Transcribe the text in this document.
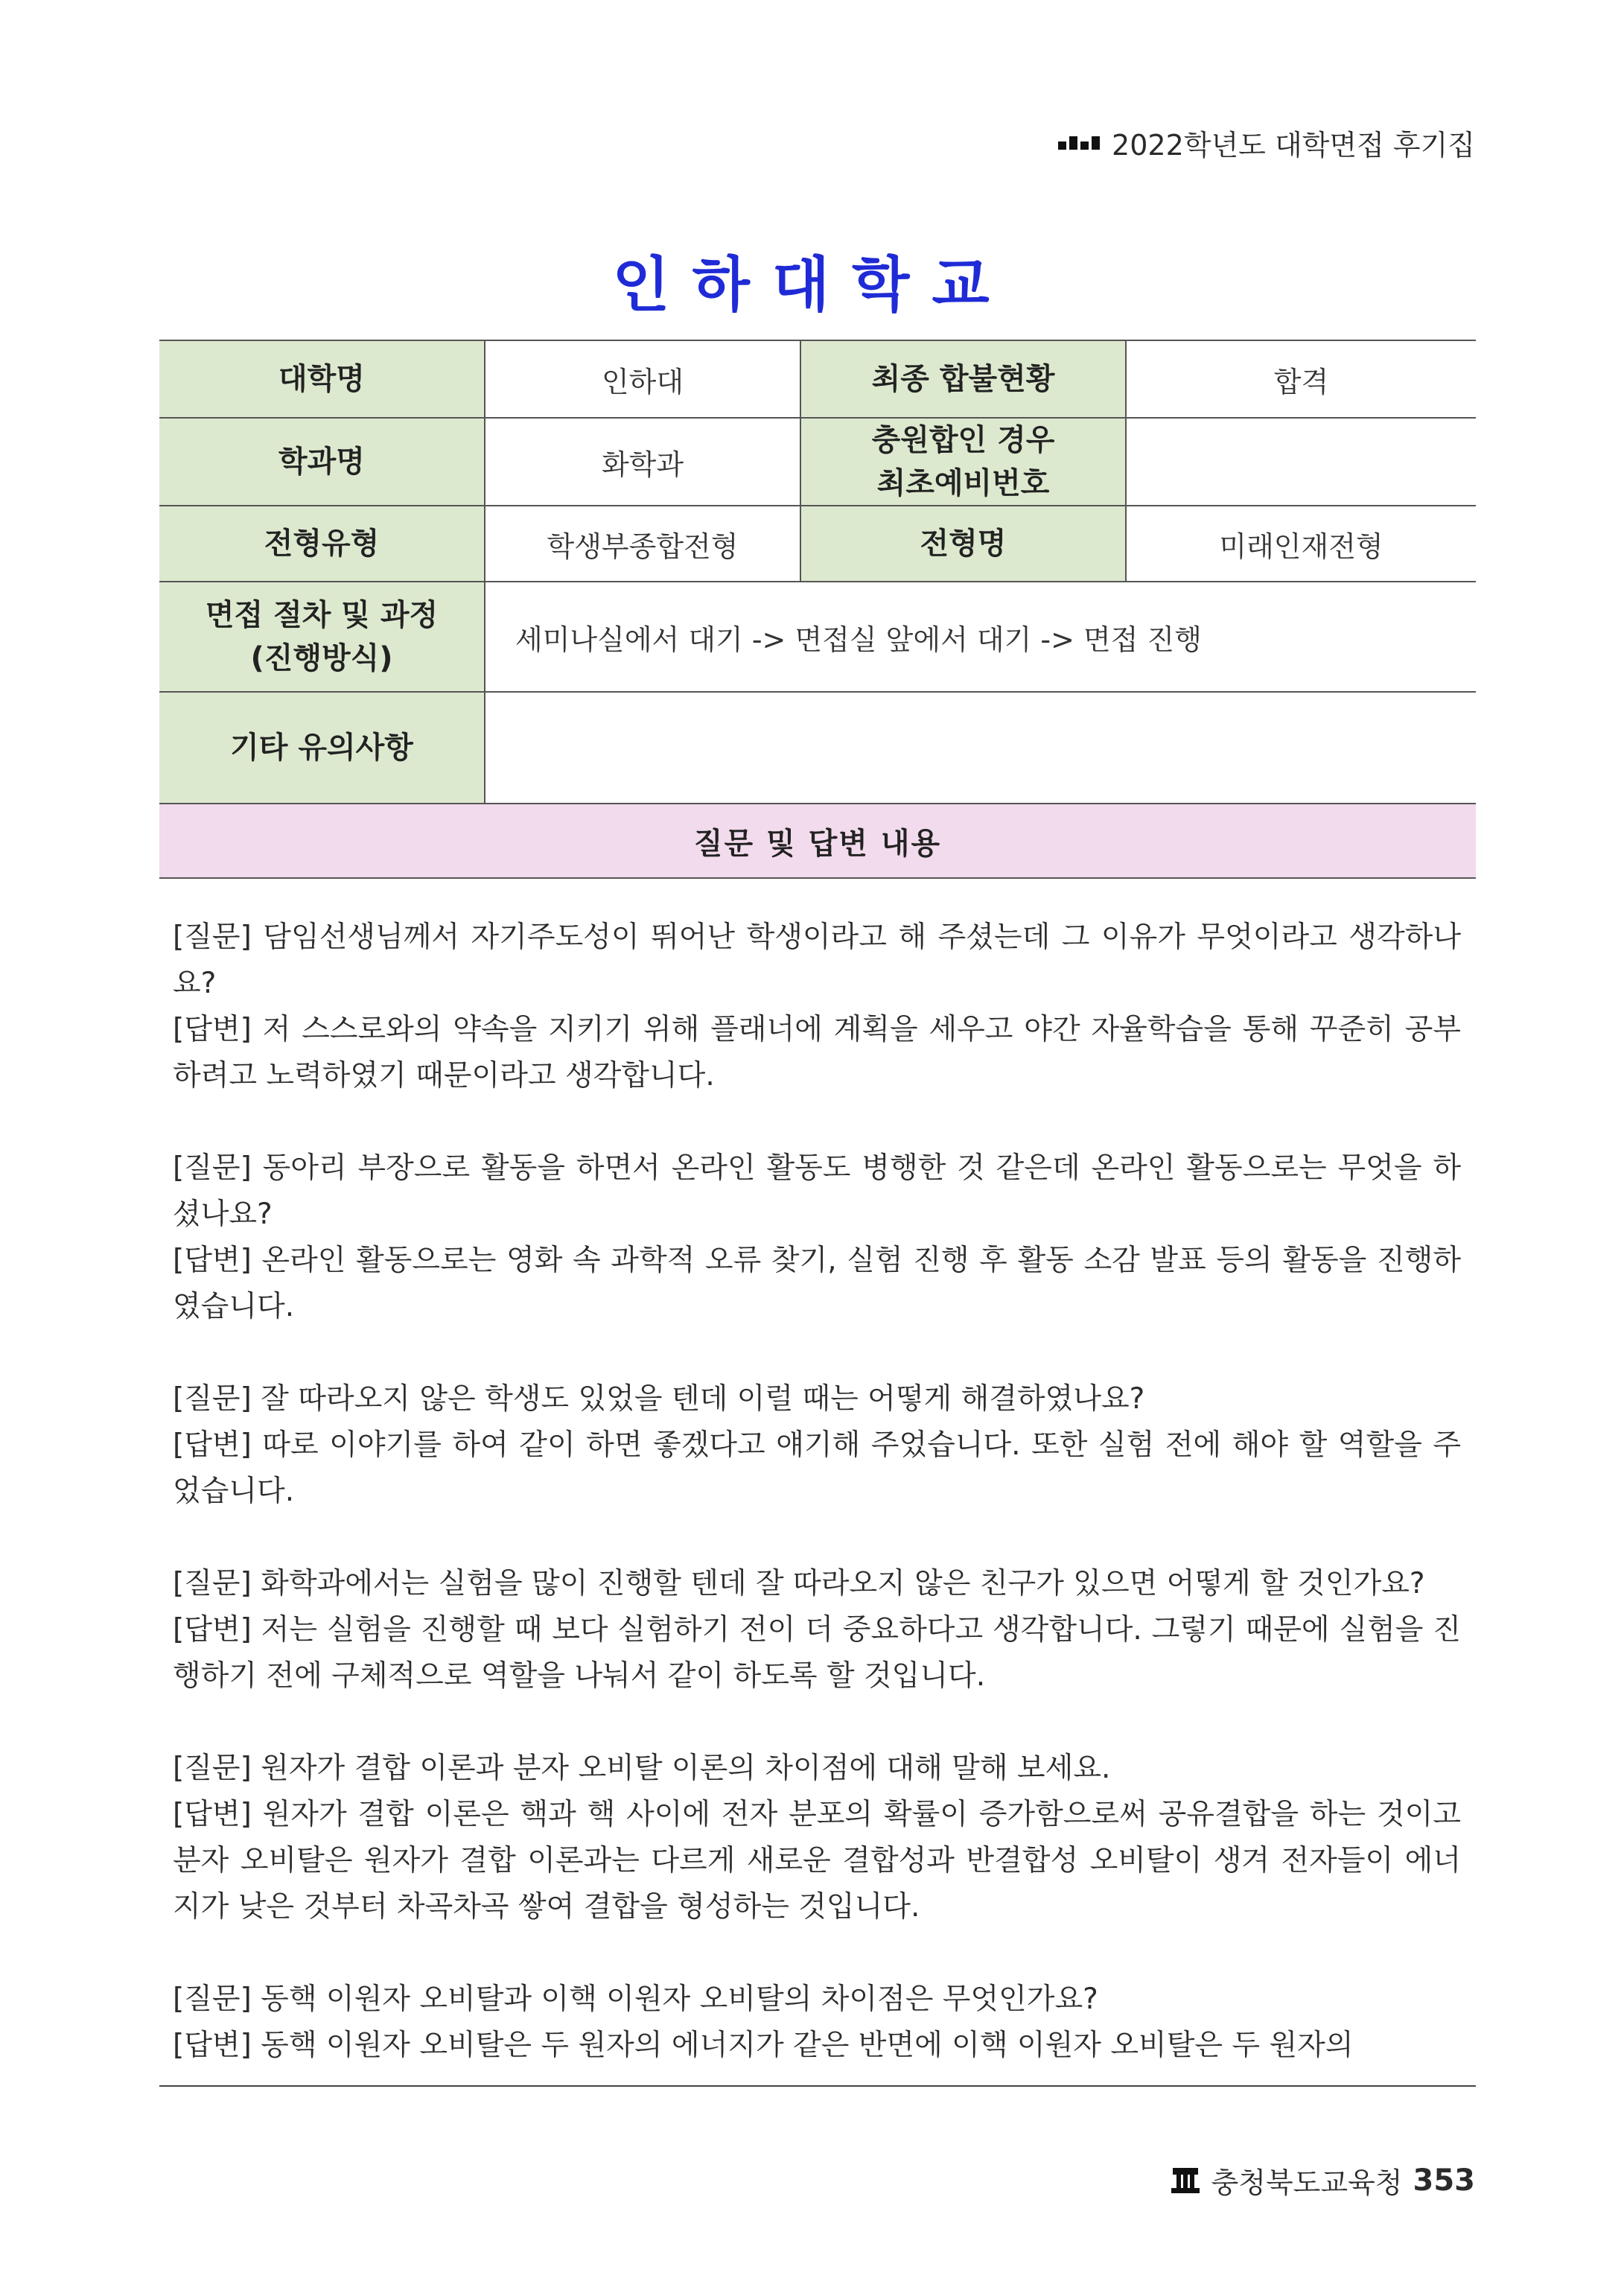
2022학년도 대학면접 후기집
인하대학교
대학명	인하대	최종 합불현황	합격
학과명	화학과	충원합인 경우 최초예비번호	
전형유형	학생부종합전형	전형명	미래인재전형

면접 절차 및 과정
(진행방식)	세미나실에서 대기 -> 면접실 앞에서 대기 -> 면접 진행		
기타 유의사항			
질문 및 답변 내용			

[질문] 담임선생님께서 자기주도성이 뛰어난 학생이라고 해 주셨는데 그 이유가 무엇이라고 생각하나요?

[답변] 저 스스로와의 약속을 지키기 위해 플래너에 계획을 세우고 야간 자율학습을 통해 꾸준히 공부하려고 노력하였기 때문이라고 생각합니다.

[질문] 동아리 부장으로 활동을 하면서 온라인 활동도 병행한 것 같은데 온라인 활동으로는 무엇을 하셨나요?

[답변] 온라인 활동으로는 영화 속 과학적 오류 찾기, 실험 진행 후 활동 소감 발표 등의 활동을 진행하였습니다.

[질문] 잘 따라오지 않은 학생도 있었을 텐데 이럴 때는 어떻게 해결하였나요?

[답변] 따로 이야기를 하여 같이 하면 좋겠다고 얘기해 주었습니다. 또한 실험 전에 해야 할 역할을 주었습니다.

[질문] 화학과에서는 실험을 많이 진행할 텐데 잘 따라오지 않은 친구가 있으면 어떻게 할 것인가요?

[답변] 저는 실험을 진행할 때 보다 실험하기 전이 더 중요하다고 생각합니다. 그렇기 때문에 실험을 진행하기 전에 구체적으로 역할을 나눠서 같이 하도록 할 것입니다.

[질문] 원자가 결합 이론과 분자 오비탈 이론의 차이점에 대해 말해 보세요.

[답변] 원자가 결합 이론은 핵과 핵 사이에 전자 분포의 확률이 증가함으로써 공유결합을 하는 것이고 분자 오비탈은 원자가 결합 이론과는 다르게 새로운 결합성과 반결합성 오비탈이 생겨 전자들이 에너지가 낮은 것부터 차곡차곡 쌓여 결합을 형성하는 것입니다.

[질문] 동핵 이원자 오비탈과 이핵 이원자 오비탈의 차이점은 무엇인가요?

[답변] 동핵 이원자 오비탈은 두 원자의 에너지가 같은 반면에 이핵 이원자 오비탈은 두 원자의

충청북도교육청 353
